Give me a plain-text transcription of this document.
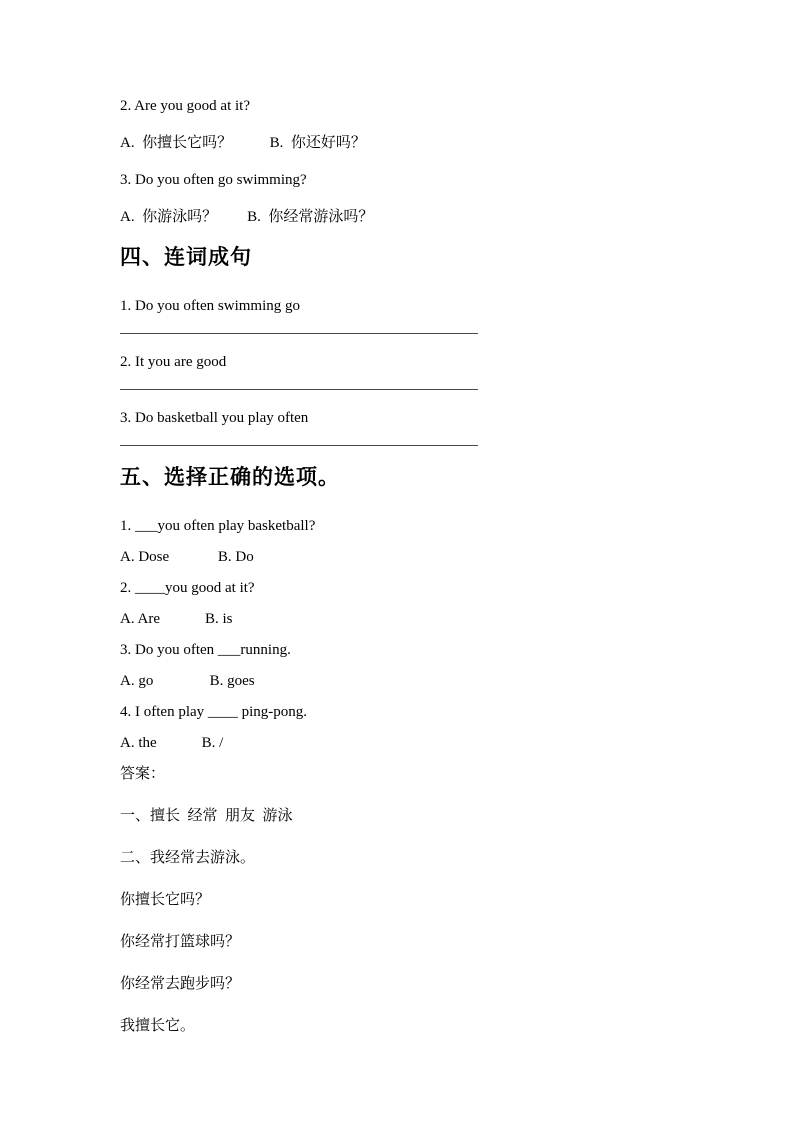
2. Are you good at it?

A.  你擅长它吗？          B.  你还好吗？

3. Do you often go swimming?

A.  你游泳吗？        B.  你经常游泳吗？

四、连词成句

1. Do you often swimming go

2. It you are good

3. Do basketball you play often

五、选择正确的选项。

1. ___you often play basketball?

A. Dose             B. Do

2. ____you good at it?

A. Are            B. is

3. Do you often ___running.

A. go               B. goes

4. I often play ____ ping-pong.

A. the            B. /

答案：

一、擅长  经常  朋友  游泳

二、我经常去游泳。

你擅长它吗？

你经常打篮球吗？

你经常去跑步吗？

我擅长它。
